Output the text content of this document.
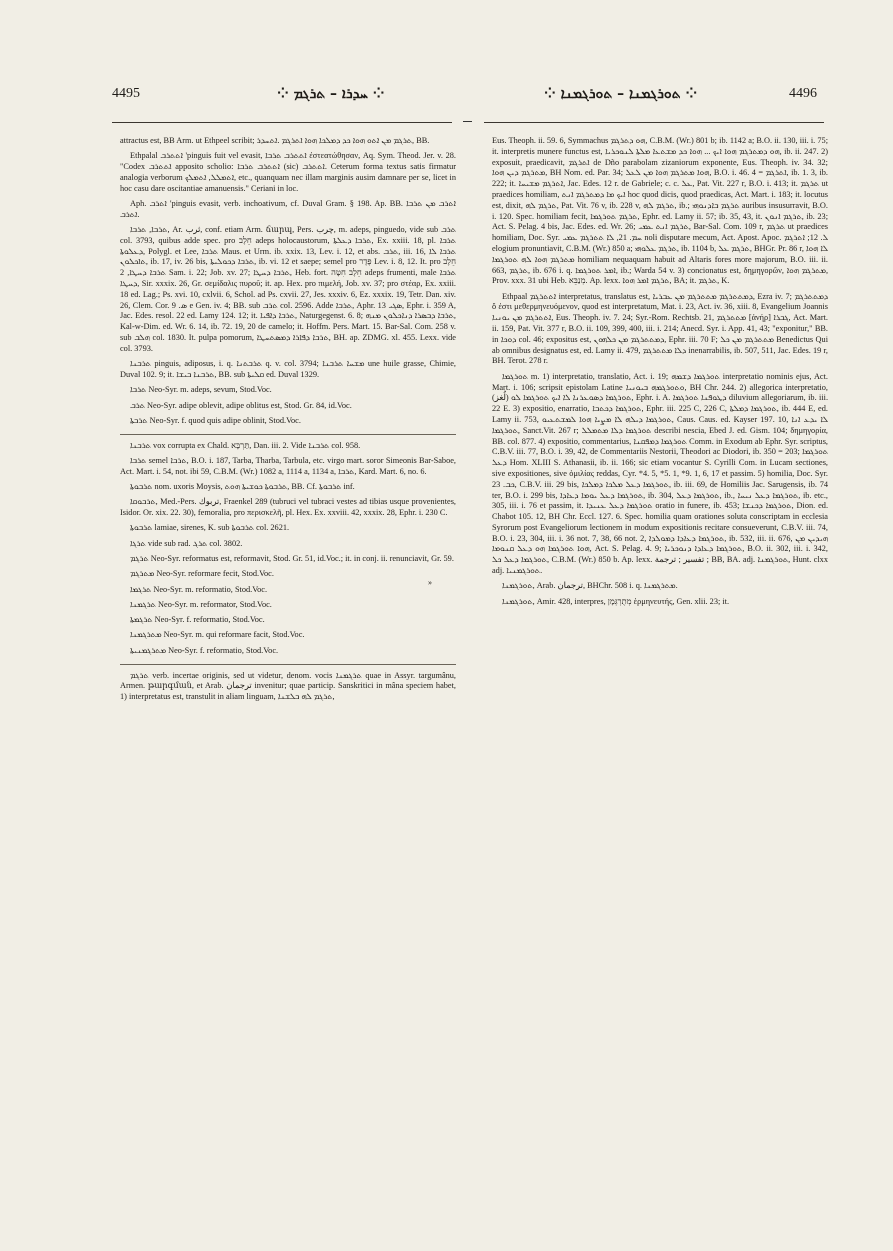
4495	⁘ ܚܕܪܐ – ܬܪܓܡ ⁘	⁘ ܬܘܪܓܡܢܐ – ܬܘܪܓܡܢܐ ⁘	4496

attractus est, BB Arm. ut Ethpeel scribit; ܬܪܓܡ ܡܢ ܐܬܘ ܗܘܐ ܟܕ ܕܡܠܟܐ ܗܘܐ ܐܬܪܓܡ .ܐܬܚܕܪ, BB.

Ethpalal ܐܬܬܪܒ 'pinguis fuit vel evasit, ܐܬܬܪܒ ܬܪܒܐ ἐστεατώθησαν, Aq. Sym. Theod. Jer. v. 28. "Codex ܐܬܬܪܒ apposito scholio: ܐܬܬܪܒ ܬܪܒܐ (sic) ܐܬܬܪܒ. Ceterum forma textus satis firmatur analogia verborum ܐܬܡܠܠ, ܐܬܡܠܟ, etc., quanquam nec illam marginis ausim damnare per se, licet in hoc casu dare oscitantiae amanuensis." Ceriani in loc.

Aph. ܐܬܪܒ 'pinguis evasit, verb. inchoativum, cf. Duval Gram. § 198. Ap. BB. ܐܬܪܒ ܡܢ ܬܪܒܐ ܐܬܪܒ.

ܬܪܒܐ, ܬܪܒܐ, Ar. ثرب, conf. etiam Arm. ճարպ, Pers. چرب, m. adeps, pinguedo, vide sub ܬܪܒ col. 3793, quibus adde spec. pro חֵלֶב adeps holocaustorum, ܬܪܒܐ ܕܥܠܬܐ, Ex. xxiii. 18, pl. ܬܪܒܐ ܕܥܠܘܬܐ, Polygl. et Lee, ܬܪܒܐ Maus. et Urm. ib. xxix. 13, Lev. i. 12, et abs. ܬܪܒ, iii. 16, ܬܪܒܐ ܠܐ ܬܐܟܠܘܢ, ib. 17, iv. 26 bis, ܬܪܒܐ ܕܟܘܠܝܬܐ, ib. vi. 12 et saepe; semel pro פֶּדֶר Lev. i. 8, 12. It. pro חֵלֶב ܬܪܒܐ ܕܚܛܐ, 2 Sam. i. 22; Job. xv. 27; ܬܪܒܐ ܕܚܛܐ, Heb. fort. חֵלֶב חִטָּה adeps frumenti, male ܬܪܒܐ ܕܚܛܐ, Sir. xxxix. 26, Gr. σεμίδαλις πυροῦ; it. ap. Hex. pro πιμελή, Job. xv. 37; pro στέαρ, Ex. xxiii. 18 ed. Lag.; Ps. xvi. 10, cxlvii. 6, Schol. ad Ps. cxvii. 27, Jes. xxxiv. 6, Ez. xxxix. 19, Tetr. Dan. xiv. 26, Clem. Cor. ܣ. 9 e Gen. iv. 4; BB. sub ܬܪܒ col. 2596. Adde ܬܪܒܐ, Aphr. ܣܓܝ 13, Ephr. i. 359 A, Jac. Edes. resol. 22 ed. Lamy 124. 12; it. ܬܪܒܐ ܕܐܦܝܐ, Naturgegenst. 6. 8; ܬܪܒܐ ܕܒܣܪܐ ܕܢܐܟܠܘܢ ܡܢܗ, Kal-w-Dim. ed. Wr. 6. 14, ib. 72. 19, 20 de camelo; it. Hoffm. Pers. Mart. 15. Bar-Sal. Com. 258 v. sub ܗܠܒ col. 1830. It. pulpa pomorum, ܬܪܒܐ ܕܦܐܪܐ ܕܡܣܬܚܛܐ, BH. ap. ZDMG. xl. 455. Lexx. vide col. 3793.

ܬܪܒܢܐ pinguis, adiposus, i. q. ܬܪܒܬܢܐ q. v. col. 3794; ܡܫܚܐ ܬܪܒܢܐ une huile grasse, Chimie, Duval 102. 9; it. ܬܪܒܢܐ ܒܝܫܐ, BB. sub ܩܠܝܬܐ ed. Duval 1329.

ܬܪܒܐ Neo-Syr. m. adeps, sevum, Stod.Voc.

ܬܪܒ Neo-Syr. adipe oblevit, adipe oblitus est, Stod. Gr. 84, id.Voc.

ܬܪܒܬܐ Neo-Syr. f. quod quis adipe oblinit, Stod.Voc.

ܬܪܒܢܐ vox corrupta ex Chald. תַּרְבָּא, Dan. iii. 2. Vide ܬܪܒܢܐ col. 958.

ܬܪܒܐ semel ܬܪܒܐ, B.O. i. 187, Tarba, Tharba, Tarbula, etc. virgo mart. soror Simeonis Bar-Saboe, Act. Mart. i. 54, not. ibi 59, C.B.M. (Wr.) 1082 a, 1114 a, 1134 a, ܬܪܒܐ, Kard. Mart. 6, no. 6.

ܬܪܒܘܬܐ nom. uxoris Moysis, ܬܪܒܘܬܐ ܟܘܫܝܬܐ ܗܘܬ, BB. Cf. ܬܪܒܘܬܐ inf.

ܬܪܒܘܩܐ, Med.-Pers. تربوك, Fraenkel 289 (tubruci vel tubraci vestes ad tibias usque provenientes, Isidor. Or. xix. 22. 30), femoralia, pro περισκελῆ, pl. Hex. Ex. xxviii. 42, xxxix. 28, Ephr. i. 230 C.

ܬܪܒܘܬܐ lamiae, sirenes, K. sub ܬܪܒܘܬܐ col. 2621.

ܬܪܓܐ vide sub rad. ܬܪܓ col. 3802.

ܬܪܓܡ Neo-Syr. reformatus est, reformavit, Stod. Gr. 51, id.Voc.; it. in conj. ii. renunciavit, Gr. 59.

ܡܬܪܓܡ Neo-Syr. reformare fecit, Stod.Voc.

ܬܪܓܡܐ Neo-Syr. m. reformatio, Stod.Voc.

ܬܪܓܡܢܐ Neo-Syr. m. reformator, Stod.Voc.

ܬܪܓܡܬܐ Neo-Syr. f. reformatio, Stod.Voc.

ܡܬܪܓܡܢܐ Neo-Syr. m. qui reformare facit, Stod.Voc.

ܡܬܪܓܡܢܝܬܐ Neo-Syr. f. reformatio, Stod.Voc.

ܬܪܓܡ verb. incertae originis, sed ut videtur, denom. vocis ܬܪܓܡܢܐ quae in Assyr. targumânu, Armen. թարգման, et Arab. ترجمان invenitur; quae particip. Sanskritici in mâna speciem habet, 1) interpretatus est, transtulit in aliam linguam, ܬܪܓܡ ܠܗ ܒܠܫܢܐ,

Eus. Theoph. ii. 59. 6, Symmachus ܗܘ ܕܬܪܓܡ, C.B.M. (Wr.) 801 b; ib. 1142 a; B.O. ii. 130, iii. i. 75; it. interpretis munere functus est, ܗܘ ܕܡܬܪܓܡ ܗܘܐ ܐܝܟ ... ܗܘܐ ܟܕ ܡܫܬܥܐ ܡܠܬܐ ܠܢܘܟܪܝܐ, ib. ii. 247. 2) exposuit, praedicavit, ܐܬܪܓܡ de Dño parabolam zizaniorum exponente, Eus. Theoph. iv. 34. 32; ܡܬܪܓܡ ܕܝܢ ܗܘܐ, BH Nom. ed. Par. 34; ܗܘܐ ܡܬܪܓܡ ܗܘܐ ܡܢ ܠܥܠ, B.O. i. 46. 4 = ܐܬܪܓܡ, ib. 1. 3, ib. 222; it. ܐܬܪܓܡ ܡܫܝܚܐ, Jac. Edes. 12 r. de Gabriele; c. c. ܥܠ, Pat. Vit. 227 r, B.O. i. 413; it. ܬܪܓܡ ut praedices homiliam, ܐܝܟ ܡܐ ܕܡܬܪܓܡ ܐܢܬ hoc quod dicis, quod praedicas, Act. Mart. i. 183; it. locutus est, dixit, ܬܪܓܡ ܠܗ, Pat. Vit. 76 v, ib. 228 v, ܬܪܓܡ ܠܗ, ib.; ܬܪܓܡ ܒܐܕܢܘܗܝ auribus insusurravit, B.O. i. 120. Spec. homiliam fecit, ܬܪܓܡ ܬܘܪܓܡܐ, Ephr. ed. Lamy ii. 57; ib. 35, 43, it. ܬܪܓܡ ܐܢܘܢ, ib. 23; Act. S. Pelag. 4 bis, Jac. Edes. ed. Wr. 26; ܬܪܓܡ ܐܢܬ ܥܡܝ, Bar-Sal. Com. 109 r, ܬܪܓܡ ut praedices homiliam, Doc. Syr. ܚܡ. 21, ܠܐ ܬܬܪܓܡ ܥܡܝ noli disputare mecum, Act. Apost. Apoc. ܠ. 12; ܐܬܪܓܡ elogium pronuntiavit, C.B.M. (Wr.) 850 a; ܬܪܓܡ ܥܠܘܗܝ, ib. 1104 b, ܬܪܓܡ ܥܠ, BHGr. Pr. 86 r, ܠܐ ܗܘܐ ܡܬܪܓܡ ܗܘܐ ܠܗ ܬܘܪܓܡܐ homiliam nequaquam habuit ad Altaris fores more majorum, B.O. iii. ii. 663, ܬܪܓܡ, ib. 676 i. q. ܐܡܪ ܬܘܪܓܡܐ, ib.; Warda 54 v. 3) concionatus est, δημηγορῶν, ܡܬܪܓܡ ܗܘܐ, Prov. xxx. 31 ubi Heb. מְנַבֵּא. Ap. lexx. ܬܪܓܡ ܐܡܪ ܗܘܐ, BA; it. ܬܪܓܡ, K.

Ethpaal ܐܬܬܪܓܡ interpretatus, translatus est, ܕܡܬܬܪܓܡ ܡܬܬܪܓܡ ܡܢ ܥܒܪܝܐ, Ezra iv. 7; ܕܡܬܬܪܓܡ ὅ ἐστι μεθερμηνευόμενον, quod est interpretatum, Mat. i. 23, Act. iv. 36, xiii. 8, Evangelium Joannis ܐܬܬܪܓܡ ܡܢ ܝܘܢܝܐ, Eus. Theoph. iv. 7. 24; Syr.-Rom. Rechtsb. 21, ܡܬܬܪܓܡ [ἀνήρ] ܓܒܪܐ, Act. Mart. ii. 159, Pat. Vit. 377 r, B.O. ii. 109, 399, 400, iii. i. 214; Anecd. Syr. i. App. 41, 43; "exponitur," BB. in ܕܘܟܐ col. 46; expositus est, ܕܡܬܬܪܓܡ ܡܢ ܟܠܗܘܢ, Ephr. iii. 70 F; ܡܬܬܪܓܡ ܡܢ ܟܠ Benedictus Qui ab omnibus designatus est, ed. Lamy ii. 479, ܕܠܐ ܡܬܬܪܓܡ inenarrabilis, ib. 507, 511, Jac. Edes. 19 r, BH. Terot. 278 r.

ܬܘܪܓܡܐ m. 1) interpretatio, translatio, Act. i. 19; ܬܘܪܓܡܐ ܕܫܡܗ interpretatio nominis ejus, Act. Mart. i. 106; scripsit epistolam Latine ܘܬܘܪܓܡܗ ܒܝܘܢܝܐ, BH Chr. 244. 2) allegorica interpretatio, (لُغز) ܬܘܪܓܡܐ ܕܣܘܥܪܢܐ ܠܐ ܐܝܟ ܬܘܪܓܡܐ ܠܘ, Ephr. i. A. ܕܛܘܦܢܐ ܬܘܪܓܡܐ diluvium allegoriarum, ib. iii. 22 E. 3) expositio, enarratio, ܬܘܪܓܡܐ ܕܟܬܒܐ, Ephr. iii. 225 C, 226 C, ܬܘܪܓܡܐ ܕܡܠܬܐ, ib. 444 E, ed. Lamy ii. 753, ܬܘܪܓܡܐ ܕܝܠܗ ܠܐ ܡܨܝܐ ܗܘܐ ܠܡܫܬܥܝܘ, Caus. Caus. ed. Kayser 197. 10, ܠܐ ܝܕܥ ܐܢܐ ܬܘܪܓܡܐ, Sanct.Vit. 267 r; ܬܘܪܓܡܐ ܕܠܐ ܡܬܡܠܠ describi nescia, Ebed J. ed. Gism. 104; δημηγορία, BB. col. 877. 4) expositio, commentarius, ܬܘܪܓܡܐ ܕܡܦܩܢܐ Comm. in Exodum ab Ephr. Syr. scriptus, C.B.V. iii. 77, B.O. i. 39, 42, de Commentariis Nestorii, Theodori ac Diodori, ib. 350 = 203; ܬܘܪܓܡܐ ܕܥܠ Hom. XLIII S. Athanasii, ib. ii. 166; sic etiam vocantur S. Cyrilli Com. in Lucam sectiones, sive expositiones, sive ὁμιλίας reddas, Cyr. *4. 5, *5. 1, *9. 1, 6, 17 et passim. 5) homilia, Doc. Syr. ܟܒ. 23, C.B.V. iii. 29 bis, ܬܘܪܓܡܐ ܕܥܠ ܡܠܟܐ ܕܡܠܟܐ, ib. iii. 69, de Homiliis Jac. Sarugensis, ib. 74 ter, B.O. i. 299 bis, ܬܘܪܓܡܐ ܕܥܠ ܝܘܡܐ ܕܥܐܕܐ, ib. 304, ܬܘܪܓܡܐ ܕܥܠ, ib., ܬܘܪܓܡܐ ܕܥܠ ܢܝܚܐ, ib. etc., 305, iii. i. 76 et passim, it. ܬܘܪܓܡܐ ܕܥܠ ܥܢܝܕܐ oratio in funere, ib. 453; ܬܘܪܓܡܐ ܕܟܢܫܐ, Dion. ed. Chabot 105. 12, BH Chr. Eccl. 127. 6. Spec. homilia quam orationes soluta conscriptam in ecclesia Syrorum post Evangeliorum lectionem in modum expositionis recitare consueverunt, C.B.V. iii. 74, B.O. i. 23, 304, iii. i. 36 not. 7, 38, 66 not. 2, ܬܘܪܓܡܐ ܕܥܐܕܐ ܕܡܘܠܕܐ, ib. 532, iii. ii. 676, ܗܝܕܝܢ ܡܢ ܗܘܐ ܬܘܪܓܡܐ ܗܘ ܕܥܠ ܩܢܘܡܐ, Act. S. Pelag. 4. 9; ܬܘܪܓܡܐ ܕܥܐܕܐ ܕܢܘܟܪܝܐ, B.O. ii. 302, iii. i. 342, ܬܘܪܓܡܐ ܕܥܠ ܟܠ, C.B.M. (Wr.) 850 b. Ap. lexx. تفسير ; ترجمة ; BB, BA. adj. ܬܘܪܓܡܢܐ, Hunt. clxx adj. ܬܘܪܓܡܢܝܐ.

ܬܘܪܓܡܢܐ, Arab. ترجمان, BHChr. 508 i. q. ܡܬܪܓܡܢܐ.

ܬܘܪܓܡܢܐ, Amir. 428, interpres, מְתֻרְגְּמָן ἑρμηνευτής, Gen. xlii. 23; it.

»
